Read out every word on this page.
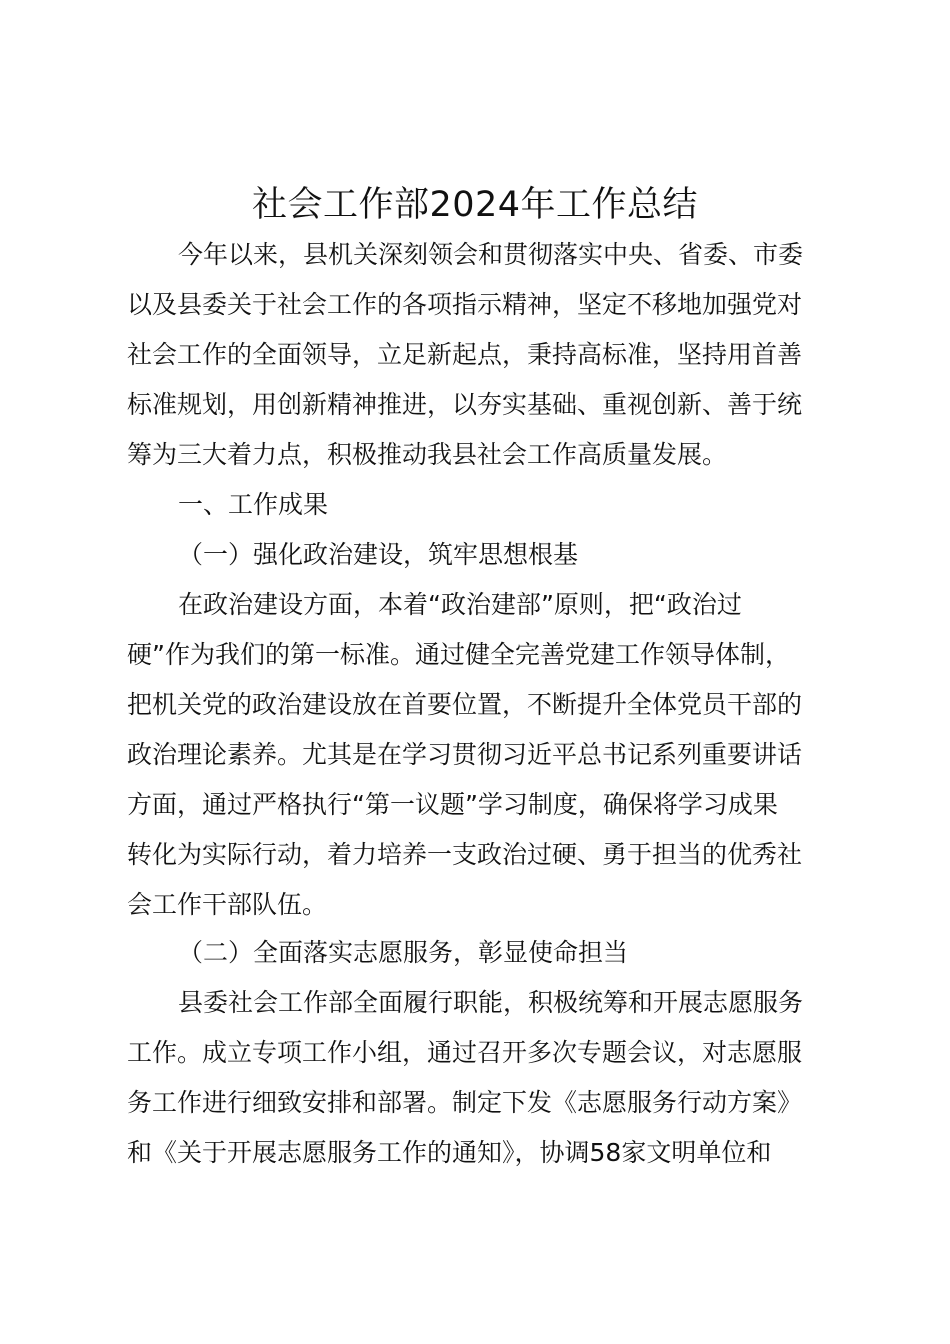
社会工作部2024年工作总结
今年以来，县机关深刻领会和贯彻落实中央、省委、市委
以及县委关于社会工作的各项指示精神，坚定不移地加强党对
社会工作的全面领导，立足新起点，秉持高标准，坚持用首善
标准规划，用创新精神推进，以夯实基础、重视创新、善于统
筹为三大着力点，积极推动我县社会工作高质量发展。
一、工作成果
（一）强化政治建设，筑牢思想根基
在政治建设方面，本着“政治建部”原则，把“政治过
硬”作为我们的第一标准。通过健全完善党建工作领导体制，
把机关党的政治建设放在首要位置，不断提升全体党员干部的
政治理论素养。尤其是在学习贯彻习近平总书记系列重要讲话
方面，通过严格执行“第一议题”学习制度，确保将学习成果
转化为实际行动，着力培养一支政治过硬、勇于担当的优秀社
会工作干部队伍。
（二）全面落实志愿服务，彰显使命担当
县委社会工作部全面履行职能，积极统筹和开展志愿服务
工作。成立专项工作小组，通过召开多次专题会议，对志愿服
务工作进行细致安排和部署。制定下发《志愿服务行动方案》
和《关于开展志愿服务工作的通知》，协调58家文明单位和
